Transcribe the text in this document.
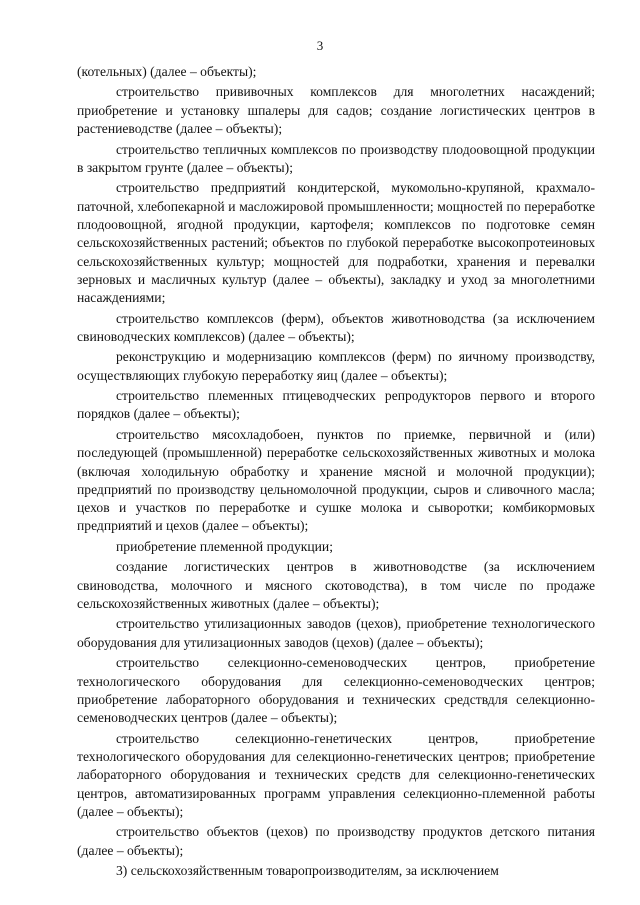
3

(котельных) (далее – объекты);

строительство прививочных комплексов для многолетних насаждений; приобретение и установку шпалеры для садов; создание логистических центров в растениеводстве (далее – объекты);

строительство тепличных комплексов по производству плодоовощной продукции в закрытом грунте (далее – объекты);

строительство предприятий кондитерской, мукомольно-крупяной, крахмало-паточной, хлебопекарной и масложировой промышленности; мощностей по переработке плодоовощной, ягодной продукции, картофеля; комплексов по подготовке семян сельскохозяйственных растений; объектов по глубокой переработке высокопротеиновых сельскохозяйственных культур; мощностей для подработки, хранения и перевалки зерновых и масличных культур (далее – объекты), закладку и уход за многолетними насаждениями;

строительство комплексов (ферм), объектов животноводства (за исключением свиноводческих комплексов) (далее – объекты);

реконструкцию и модернизацию комплексов (ферм) по яичному производству, осуществляющих глубокую переработку яиц (далее – объекты);

строительство племенных птицеводческих репродукторов первого и второго порядков (далее – объекты);

строительство мясохладобоен, пунктов по приемке, первичной и (или) последующей (промышленной) переработке сельскохозяйственных животных и молока (включая холодильную обработку и хранение мясной и молочной продукции); предприятий по производству цельномолочной продукции, сыров и сливочного масла; цехов и участков по переработке и сушке молока и сыворотки; комбикормовых предприятий и цехов (далее – объекты);

приобретение племенной продукции;

создание логистических центров в животноводстве (за исключением свиноводства, молочного и мясного скотоводства), в том числе по продаже сельскохозяйственных животных (далее – объекты);

строительство утилизационных заводов (цехов), приобретение технологического оборудования для утилизационных заводов (цехов) (далее – объекты);

строительство селекционно-семеноводческих центров, приобретение технологического оборудования для селекционно-семеноводческих центров; приобретение лабораторного оборудования и технических средствдля селекционно-семеноводческих центров (далее – объекты);

строительство селекционно-генетических центров, приобретение технологического оборудования для селекционно-генетических центров; приобретение лабораторного оборудования и технических средств для селекционно-генетических центров, автоматизированных программ управления селекционно-племенной работы (далее – объекты);

строительство объектов (цехов) по производству продуктов детского питания (далее – объекты);

3) сельскохозяйственным товаропроизводителям, за исключением
